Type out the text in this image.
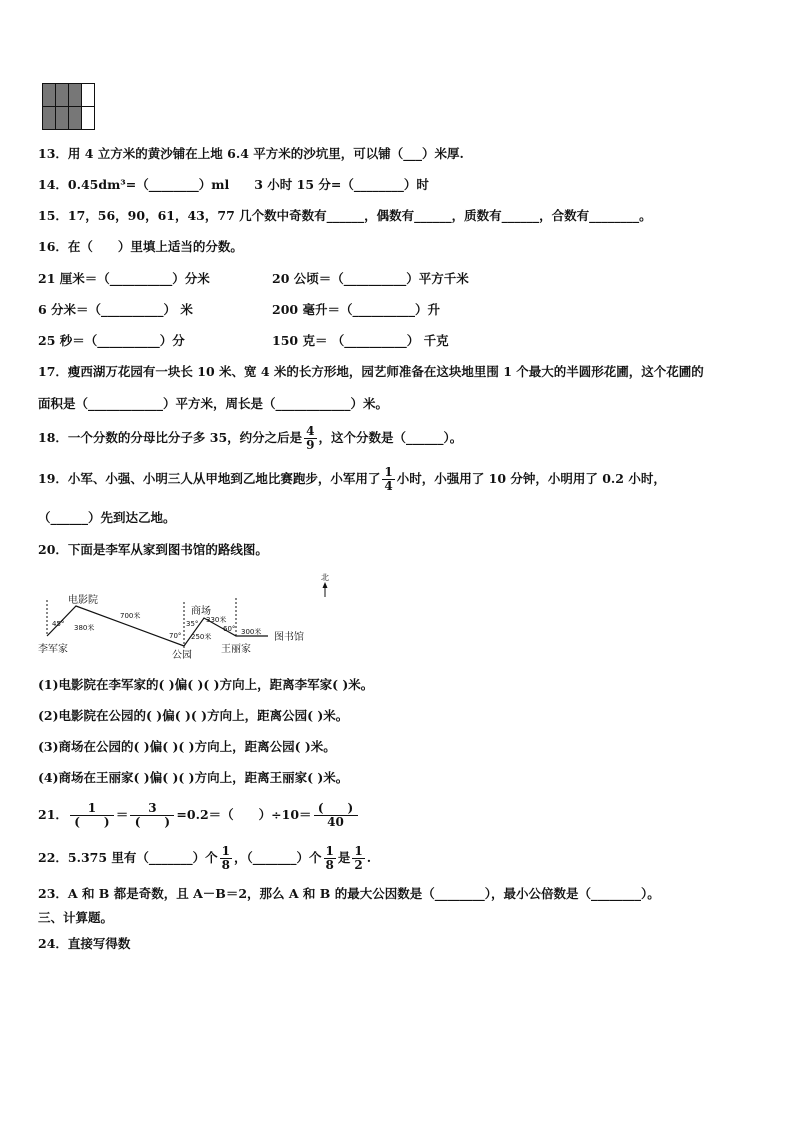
13．用 4 立方米的黄沙铺在上地 6.4 平方米的沙坑里，可以铺（___）米厚.
14．0.45dm³=（________）ml　　3 小时 15 分=（________）时
15．17，56，90，61，43，77 几个数中奇数有______，偶数有______，质数有______，合数有________。
16．在（　　）里填上适当的分数。
21 厘米＝（__________）分米	20 公顷＝（__________）平方千米
6 分米＝（__________） 米	200 毫升＝（__________）升
25 秒＝（__________）分	150 克＝ （__________） 千克
17．瘦西湖万花园有一块长 10 米、宽 4 米的长方形地，园艺师准备在这块地里围 1 个最大的半圆形花圃，这个花圃的
面积是（____________）平方米，周长是（____________）米。
18．一个分数的分母比分子多 35，约分之后是 $\frac{4}{9}$ ，这个分数是（______）。
19．小军、小强、小明三人从甲地到乙地比赛跑步，小军用了 $\frac{1}{4}$ 小时，小强用了 10 分钟，小明用了 0.2 小时，
（______）先到达乙地。
20．下面是李军从家到图书馆的路线图。
北
电影院
李军家
公园
商场
王丽家
图书馆
45° 380米
700米
70°
35°
250米
330米
60° 300米
(1)电影院在李军家的( )偏( )( )方向上，距离李军家( )米。
(2)电影院在公园的( )偏( )( )方向上，距离公园( )米。
(3)商场在公园的( )偏( )( )方向上，距离公园( )米。
(4)商场在王丽家( )偏( )( )方向上，距离王丽家( )米。
21． $\frac{1}{( )} = \frac{3}{( )} =0.2=$（　　）$\div 10= \frac{( )}{40}$
22．5.375 里有（_______）个 $\frac{1}{8}$ ，（_______）个 $\frac{1}{8}$ 是 $\frac{1}{2}$ .
23．A 和 B 都是奇数，且 A－B＝2，那么 A 和 B 的最大公因数是（________），最小公倍数是（________）。
三、计算题。
24．直接写得数
